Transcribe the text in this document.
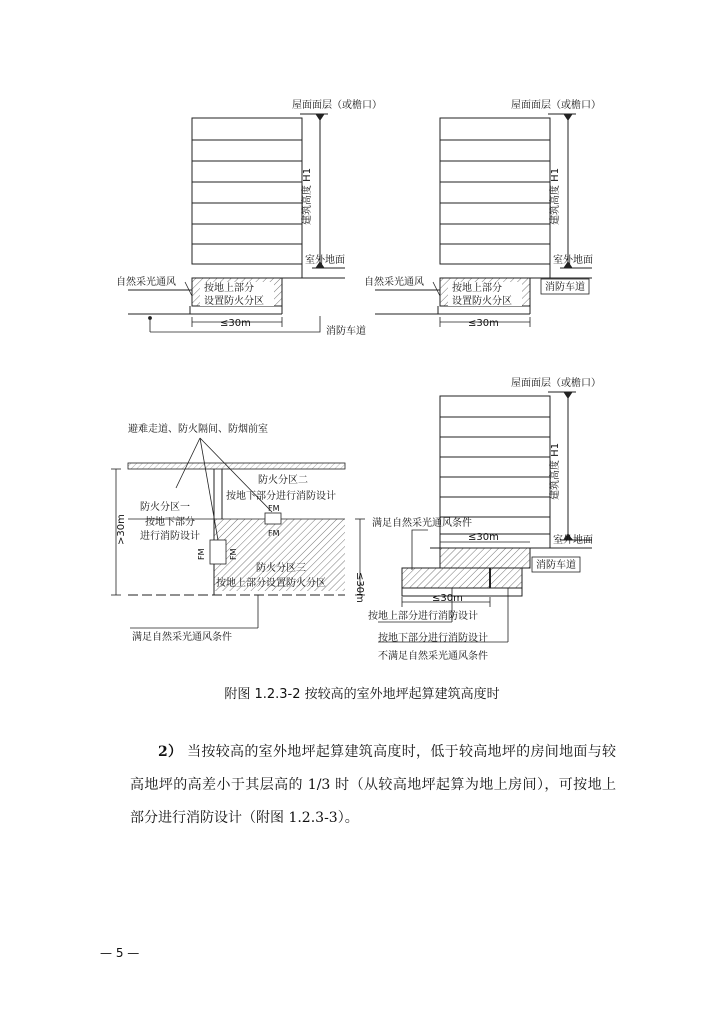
屋面面层（或檐口）
建筑高度 H1
室外地面
自然采光通风
按地上部分
设置防火分区
≤30m
消防车道
屋面面层（或檐口）
建筑高度 H1
室外地面
自然采光通风
按地上部分
设置防火分区
≤30m
消防车道
FM
FM
FM	FM
避难走道、防火隔间、防烟前室
防火分区二
按地下部分进行消防设计
防火分区一
按地下部分
进行消防设计
防火分区三
按地上部分设置防火分区
>30m
≤30m
满足自然采光通风条件
屋面面层（或檐口）
建筑高度 H1
室外地面
满足自然采光通风条件
≤30m
≤30m
消防车道
按地上部分进行消防设计
按地下部分进行消防设计
不满足自然采光通风条件
附图 1.2.3-2 按较高的室外地坪起算建筑高度时
2） 当按较高的室外地坪起算建筑高度时，低于较高地坪的房间地面与较高地坪的高差小于其层高的 1/3 时（从较高地坪起算为地上房间），可按地上部分进行消防设计（附图 1.2.3-3）。
— 5 —
